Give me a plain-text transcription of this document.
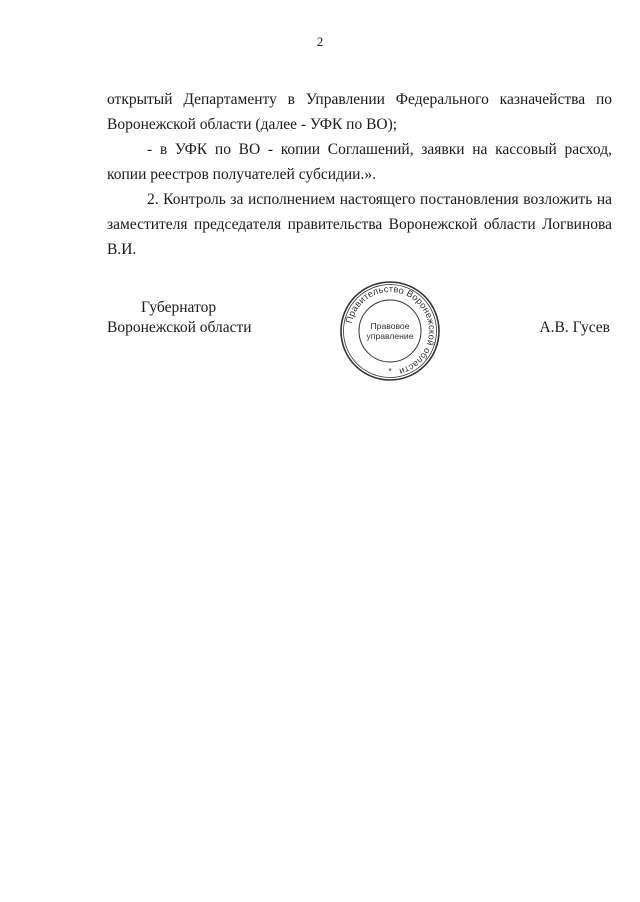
2

открытый Департаменту в Управлении Федерального казначейства по Воронежской области (далее - УФК по ВО);

- в УФК по ВО - копии Соглашений, заявки на кассовый расход, копии реестров получателей субсидии.».

2. Контроль за исполнением настоящего постановления возложить на заместителя председателя правительства Воронежской области Логвинова В.И.

Губернатор
Воронежской области	Правительство Воронежской области
Правовое
управление
*
А.В. Гусев
